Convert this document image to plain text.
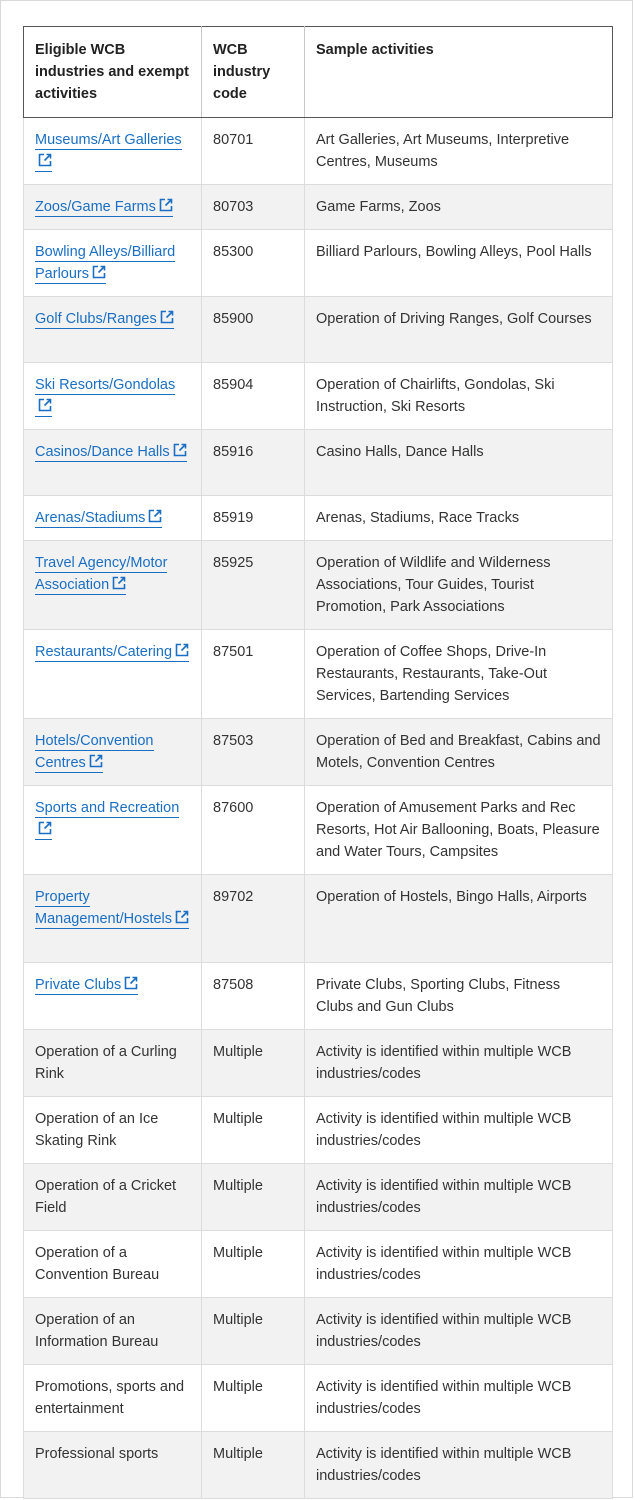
Eligible WCB industries and exempt activities	WCB industry code	Sample activities
Museums/Art Galleries	80701	Art Galleries, Art Museums, Interpretive Centres, Museums
Zoos/Game Farms	80703	Game Farms, Zoos
Bowling Alleys/Billiard Parlours	85300	Billiard Parlours, Bowling Alleys, Pool Halls
Golf Clubs/Ranges	85900	Operation of Driving Ranges, Golf Courses
Ski Resorts/Gondolas	85904	Operation of Chairlifts, Gondolas, Ski Instruction, Ski Resorts
Casinos/Dance Halls	85916	Casino Halls, Dance Halls
Arenas/Stadiums	85919	Arenas, Stadiums, Race Tracks
Travel Agency/Motor Association	85925	Operation of Wildlife and Wilderness Associations, Tour Guides, Tourist Promotion, Park Associations
Restaurants/Catering	87501	Operation of Coffee Shops, Drive-In Restaurants, Restaurants, Take-Out Services, Bartending Services
Hotels/Convention Centres	87503	Operation of Bed and Breakfast, Cabins and Motels, Convention Centres
Sports and Recreation	87600	Operation of Amusement Parks and Rec Resorts, Hot Air Ballooning, Boats, Pleasure and Water Tours, Campsites
Property Management/Hostels	89702	Operation of Hostels, Bingo Halls, Airports
Private Clubs	87508	Private Clubs, Sporting Clubs, Fitness Clubs and Gun Clubs
Operation of a Curling Rink	Multiple	Activity is identified within multiple WCB industries/codes
Operation of an Ice Skating Rink	Multiple	Activity is identified within multiple WCB industries/codes
Operation of a Cricket Field	Multiple	Activity is identified within multiple WCB industries/codes
Operation of a Convention Bureau	Multiple	Activity is identified within multiple WCB industries/codes
Operation of an Information Bureau	Multiple	Activity is identified within multiple WCB industries/codes
Promotions, sports and entertainment	Multiple	Activity is identified within multiple WCB industries/codes
Professional sports	Multiple	Activity is identified within multiple WCB industries/codes
